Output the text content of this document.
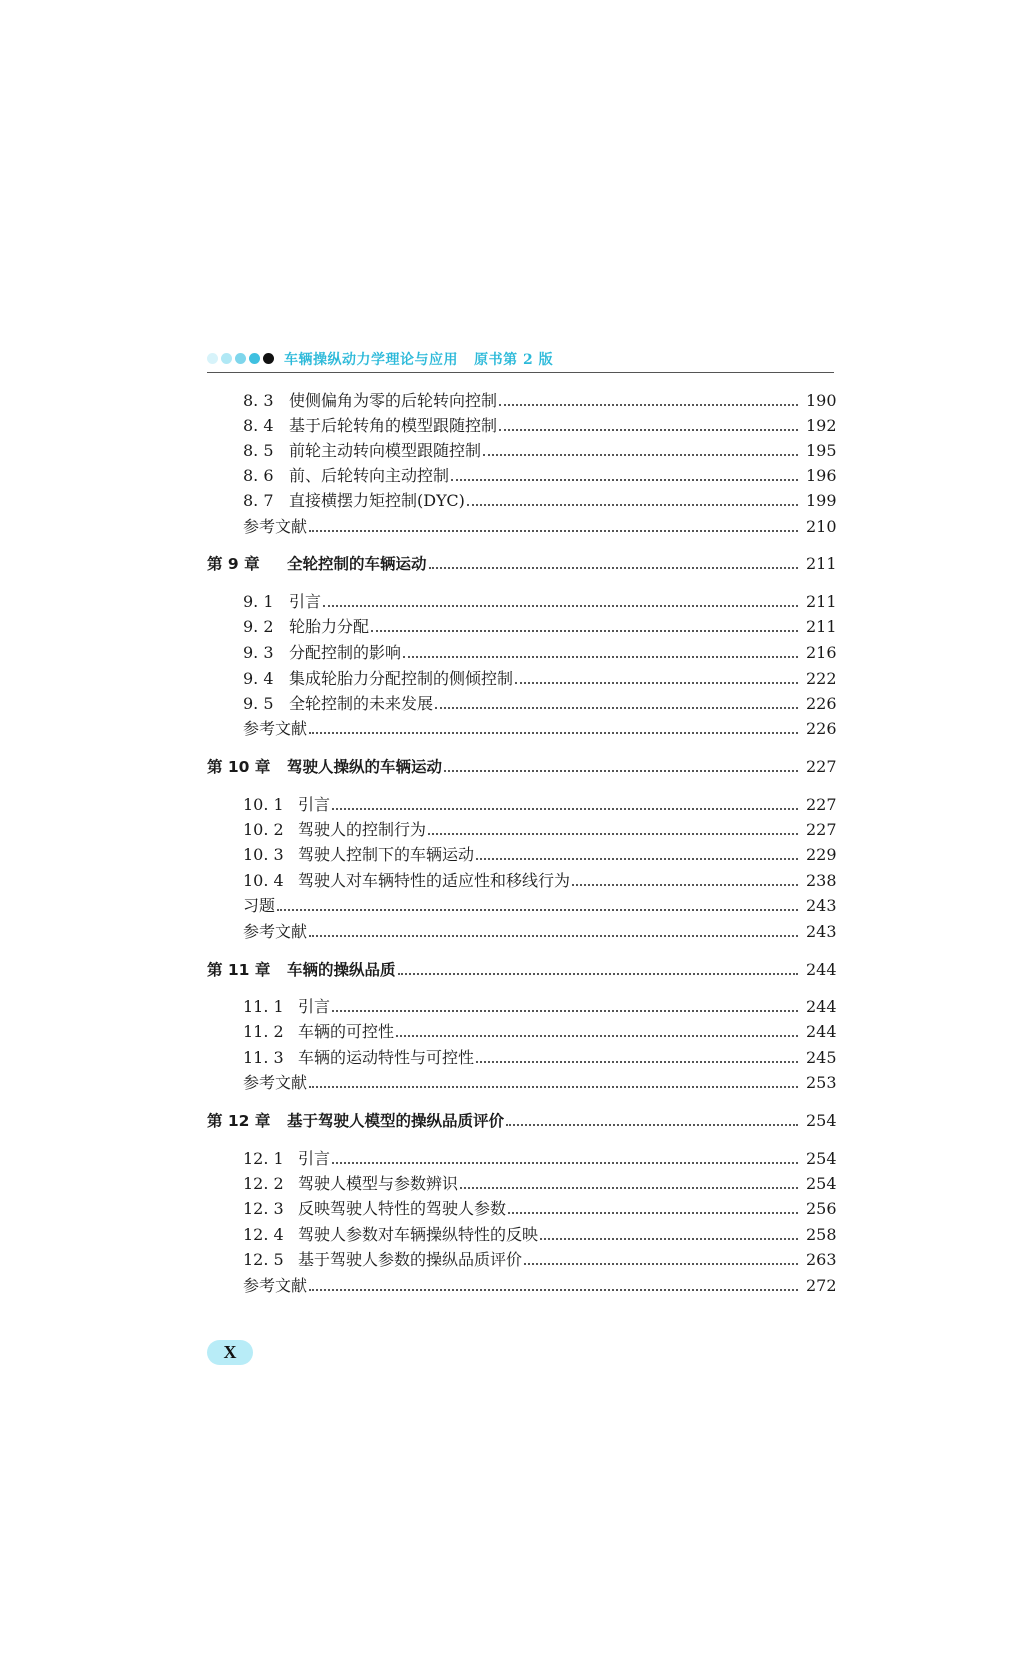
车辆操纵动力学理论与应用   原书第 2 版
8. 3 使侧偏角为零的后轮转向控制	190
8. 4 基于后轮转角的模型跟随控制	192
8. 5 前轮主动转向模型跟随控制	195
8. 6 前、后轮转向主动控制	196
8. 7 直接横摆力矩控制(DYC)	199
参考文献	210
第 9 章	全轮控制的车辆运动	211
9. 1 引言	211
9. 2 轮胎力分配	211
9. 3 分配控制的影响	216
9. 4 集成轮胎力分配控制的侧倾控制	222
9. 5 全轮控制的未来发展	226
参考文献	226
第 10 章	驾驶人操纵的车辆运动	227
10. 1 引言	227
10. 2 驾驶人的控制行为	227
10. 3 驾驶人控制下的车辆运动	229
10. 4 驾驶人对车辆特性的适应性和移线行为	238
习题	243
参考文献	243
第 11 章	车辆的操纵品质	244
11. 1 引言	244
11. 2 车辆的可控性	244
11. 3 车辆的运动特性与可控性	245
参考文献	253
第 12 章	基于驾驶人模型的操纵品质评价	254
12. 1 引言	254
12. 2 驾驶人模型与参数辨识	254
12. 3 反映驾驶人特性的驾驶人参数	256
12. 4 驾驶人参数对车辆操纵特性的反映	258
12. 5 基于驾驶人参数的操纵品质评价	263
参考文献	272
X
